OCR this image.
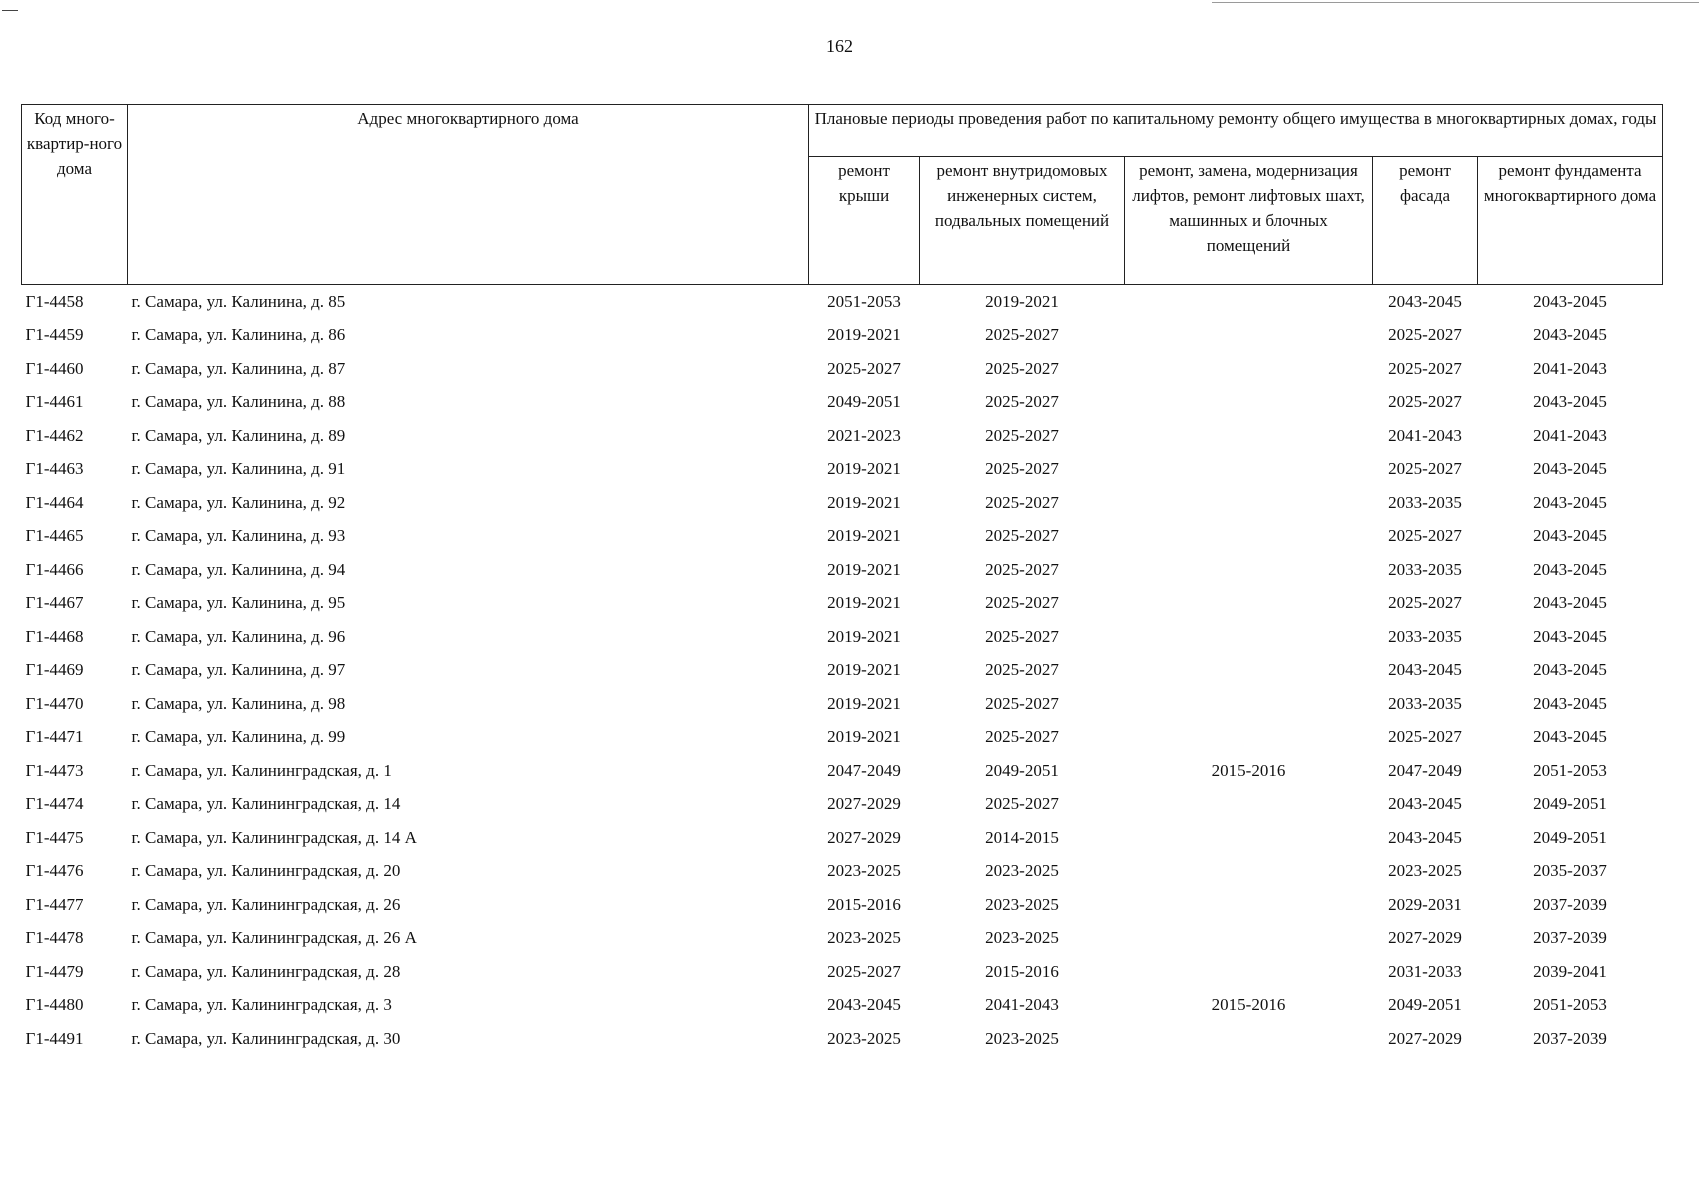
162
Код много-квартир-ного дома	Адрес многоквартирного дома	Плановые периоды проведения работ по капитальному ремонту общего имущества в многоквартирных домах, годы				
		ремонт крыши	ремонт внутридомовых инженерных систем, подвальных помещений	ремонт, замена, модернизация лифтов, ремонт лифтовых шахт, машинных и блочных помещений	ремонт фасада	ремонт фундамента многоквартирного дома
Г1-4458	г. Самара, ул. Калинина, д. 85	2051-2053	2019-2021		2043-2045	2043-2045
Г1-4459	г. Самара, ул. Калинина, д. 86	2019-2021	2025-2027		2025-2027	2043-2045
Г1-4460	г. Самара, ул. Калинина, д. 87	2025-2027	2025-2027		2025-2027	2041-2043
Г1-4461	г. Самара, ул. Калинина, д. 88	2049-2051	2025-2027		2025-2027	2043-2045
Г1-4462	г. Самара, ул. Калинина, д. 89	2021-2023	2025-2027		2041-2043	2041-2043
Г1-4463	г. Самара, ул. Калинина, д. 91	2019-2021	2025-2027		2025-2027	2043-2045
Г1-4464	г. Самара, ул. Калинина, д. 92	2019-2021	2025-2027		2033-2035	2043-2045
Г1-4465	г. Самара, ул. Калинина, д. 93	2019-2021	2025-2027		2025-2027	2043-2045
Г1-4466	г. Самара, ул. Калинина, д. 94	2019-2021	2025-2027		2033-2035	2043-2045
Г1-4467	г. Самара, ул. Калинина, д. 95	2019-2021	2025-2027		2025-2027	2043-2045
Г1-4468	г. Самара, ул. Калинина, д. 96	2019-2021	2025-2027		2033-2035	2043-2045
Г1-4469	г. Самара, ул. Калинина, д. 97	2019-2021	2025-2027		2043-2045	2043-2045
Г1-4470	г. Самара, ул. Калинина, д. 98	2019-2021	2025-2027		2033-2035	2043-2045
Г1-4471	г. Самара, ул. Калинина, д. 99	2019-2021	2025-2027		2025-2027	2043-2045
Г1-4473	г. Самара, ул. Калининградская, д. 1	2047-2049	2049-2051	2015-2016	2047-2049	2051-2053
Г1-4474	г. Самара, ул. Калининградская, д. 14	2027-2029	2025-2027		2043-2045	2049-2051
Г1-4475	г. Самара, ул. Калининградская, д. 14 А	2027-2029	2014-2015		2043-2045	2049-2051
Г1-4476	г. Самара, ул. Калининградская, д. 20	2023-2025	2023-2025		2023-2025	2035-2037
Г1-4477	г. Самара, ул. Калининградская, д. 26	2015-2016	2023-2025		2029-2031	2037-2039
Г1-4478	г. Самара, ул. Калининградская, д. 26 А	2023-2025	2023-2025		2027-2029	2037-2039
Г1-4479	г. Самара, ул. Калининградская, д. 28	2025-2027	2015-2016		2031-2033	2039-2041
Г1-4480	г. Самара, ул. Калининградская, д. 3	2043-2045	2041-2043	2015-2016	2049-2051	2051-2053
Г1-4491	г. Самара, ул. Калининградская, д. 30	2023-2025	2023-2025		2027-2029	2037-2039
